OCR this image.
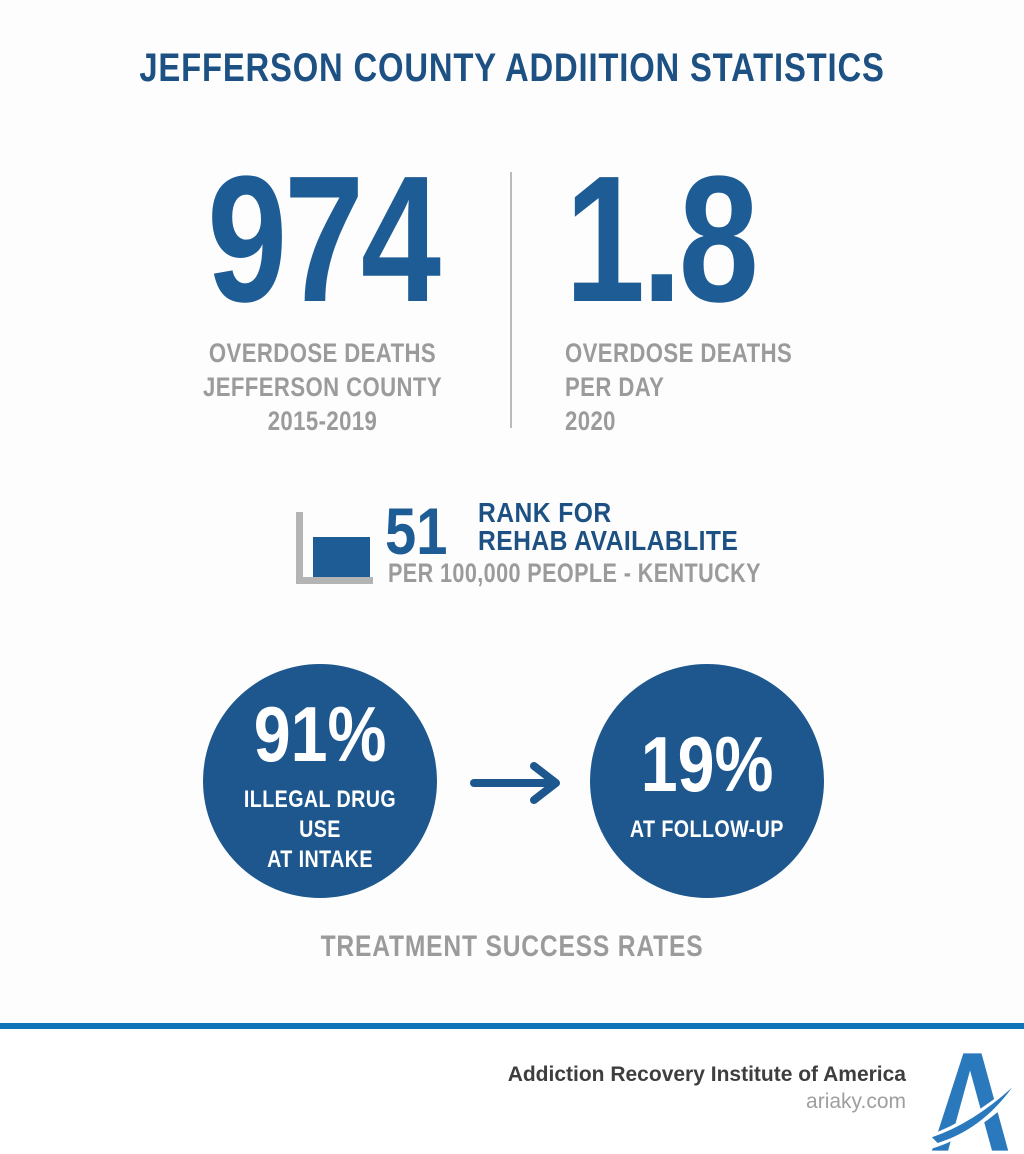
JEFFERSON COUNTY ADDIITION STATISTICS
974
OVERDOSE DEATHS
JEFFERSON COUNTY 2015-2019
1.8
OVERDOSE DEATHS
PER DAY
2020
51 RANK FOR
REHAB AVAILABLITE
PER 100,000 PEOPLE - KENTUCKY
91%
ILLEGAL DRUG USE
AT INTAKE
19%
AT FOLLOW-UP
TREATMENT SUCCESS RATES
Addiction Recovery Institute of America
ariaky.com
